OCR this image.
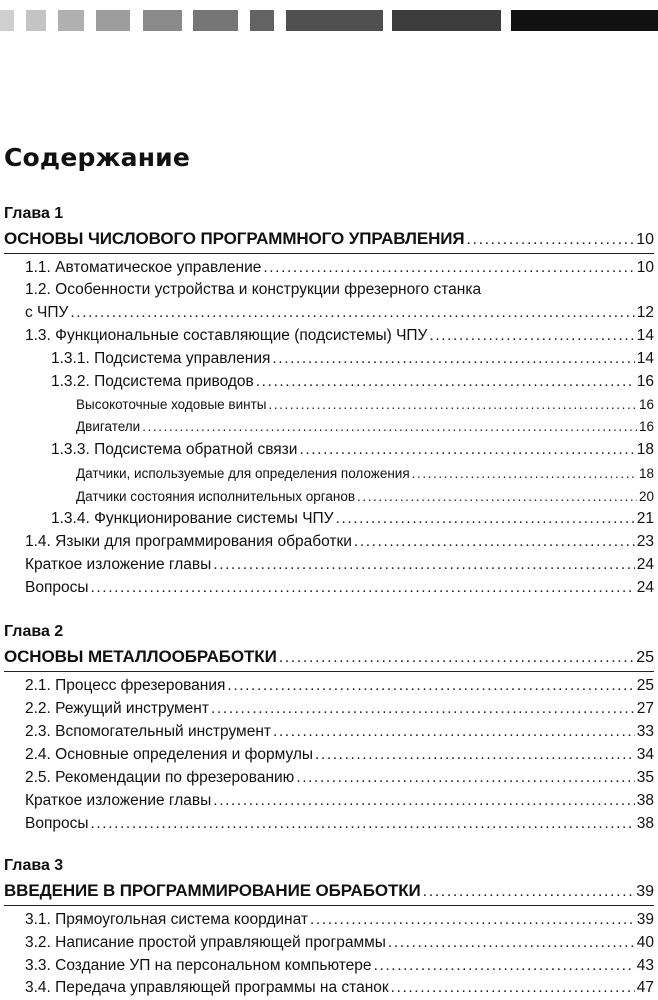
Содержание
Глава 1
ОСНОВЫ ЧИСЛОВОГО ПРОГРАММНОГО УПРАВЛЕНИЯ .....	10
1.1. Автоматическое управление .....	10
1.2. Особенности устройства и конструкции фрезерного станка
с ЧПУ .....	12
1.3. Функциональные составляющие (подсистемы) ЧПУ .....	14
1.3.1. Подсистема управления .....	14
1.3.2. Подсистема приводов .....	16
Высокоточные ходовые винты .....	16
Двигатели .....	16
1.3.3. Подсистема обратной связи .....	18
Датчики, используемые для определения положения .....	18
Датчики состояния исполнительных органов .....	20
1.3.4. Функционирование системы ЧПУ .....	21
1.4. Языки для программирования обработки .....	23
Краткое изложение главы .....	24
Вопросы .....	24
Глава 2
ОСНОВЫ МЕТАЛЛООБРАБОТКИ .....	25
2.1. Процесс фрезерования .....	25
2.2. Режущий инструмент .....	27
2.3. Вспомогательный инструмент .....	33
2.4. Основные определения и формулы .....	34
2.5. Рекомендации по фрезерованию .....	35
Краткое изложение главы .....	38
Вопросы .....	38
Глава 3
ВВЕДЕНИЕ В ПРОГРАММИРОВАНИЕ ОБРАБОТКИ .....	39
3.1. Прямоугольная система координат .....	39
3.2. Написание простой управляющей программы .....	40
3.3. Создание УП на персональном компьютере .....	43
3.4. Передача управляющей программы на станок .....	47
